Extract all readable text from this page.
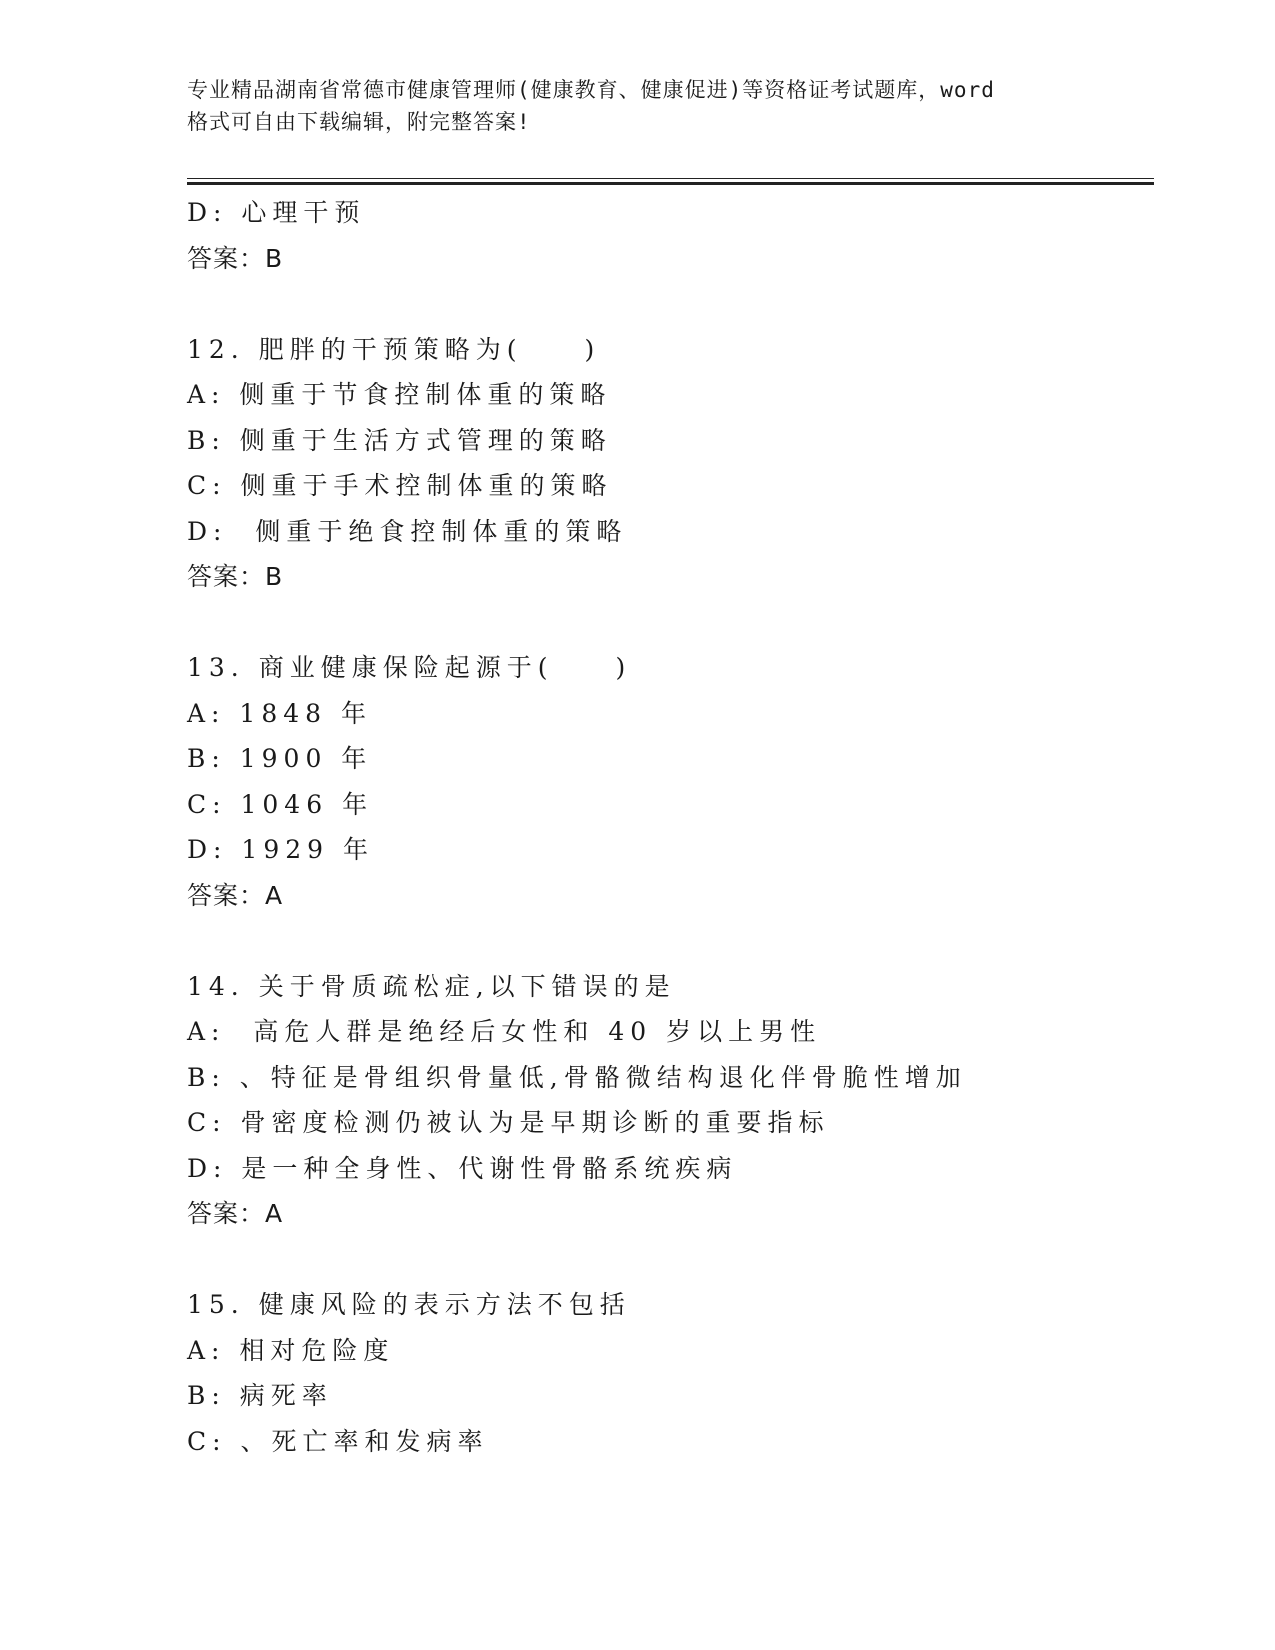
专业精品湖南省常德市健康管理师(健康教育、健康促进)等资格证考试题库，word
格式可自由下载编辑，附完整答案!
D: 心理干预
答案：B
12. 肥胖的干预策略为(　　)
A: 侧重于节食控制体重的策略
B: 侧重于生活方式管理的策略
C: 侧重于手术控制体重的策略
D:  侧重于绝食控制体重的策略
答案：B
13. 商业健康保险起源于(　　)
A: 1848 年
B: 1900 年
C: 1046 年
D: 1929 年
答案：A
14. 关于骨质疏松症,以下错误的是
A:  高危人群是绝经后女性和 40 岁以上男性
B: 、特征是骨组织骨量低,骨骼微结构退化伴骨脆性增加
C: 骨密度检测仍被认为是早期诊断的重要指标
D: 是一种全身性、代谢性骨骼系统疾病
答案：A
15. 健康风险的表示方法不包括
A: 相对危险度
B: 病死率
C: 、死亡率和发病率
